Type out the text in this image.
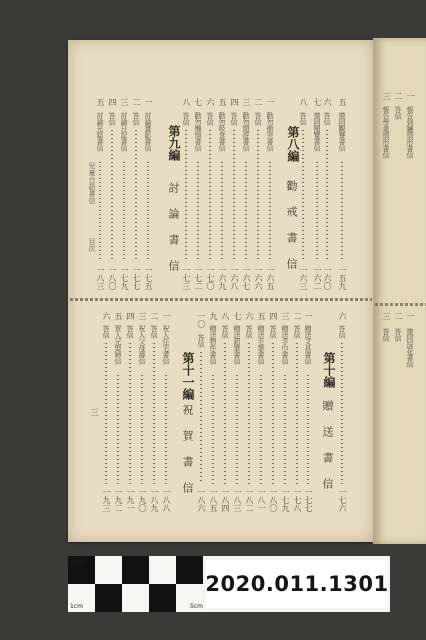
五
邀同觀賽書信
一五九
六
答信
一六〇
七
邀同閱覽書信
一六二
八
答信
一六三
一
勸勿衝突書信
一六五
二
答信
一六六
三
勸勿閒遊書信
一六七
四
答信
一六八
五
勸勿吸食書信
一六九
六
答信
一七〇
七
勸勿懶惰書信
一七二
八
答信
一七三
一
討論畫影書信
一七五
二
答信
一七七
三
討論日記書信
一七九
四
答信
一八〇
五
討論光陰書信
一八三
六
答信
一七六
一
贈送文具書信
一七七
二
答信
一七八
三
贈送手巾書信
一七九
四
答信
一八〇
五
贈送毛筆書信
一八一
六
答信
一八二
七
贈送鉛筆書信
一八三
八
答信
一八四
九
贈送物件書信
一八五
一〇
答信
一八六
一
祝人住宅書信
一八八
二
答信
一八九
三
祝人父母壽信
一九〇
四
答信
一九一
五
賀人兄娶婦信
一九二
六
答信
一九三
一
報告到廳情形書信
二
答信
三
報告學業情形書信
一
邀同採花書信
二
答信
三
答信
第八編
勸 戒 書 信
第九編
討 論 書 信
第十編
贈 送 書 信
第十一編
祝 賀 書 信
兒童台語書信
目次
三
2cm
1cm	5cm
2020.011.1301
